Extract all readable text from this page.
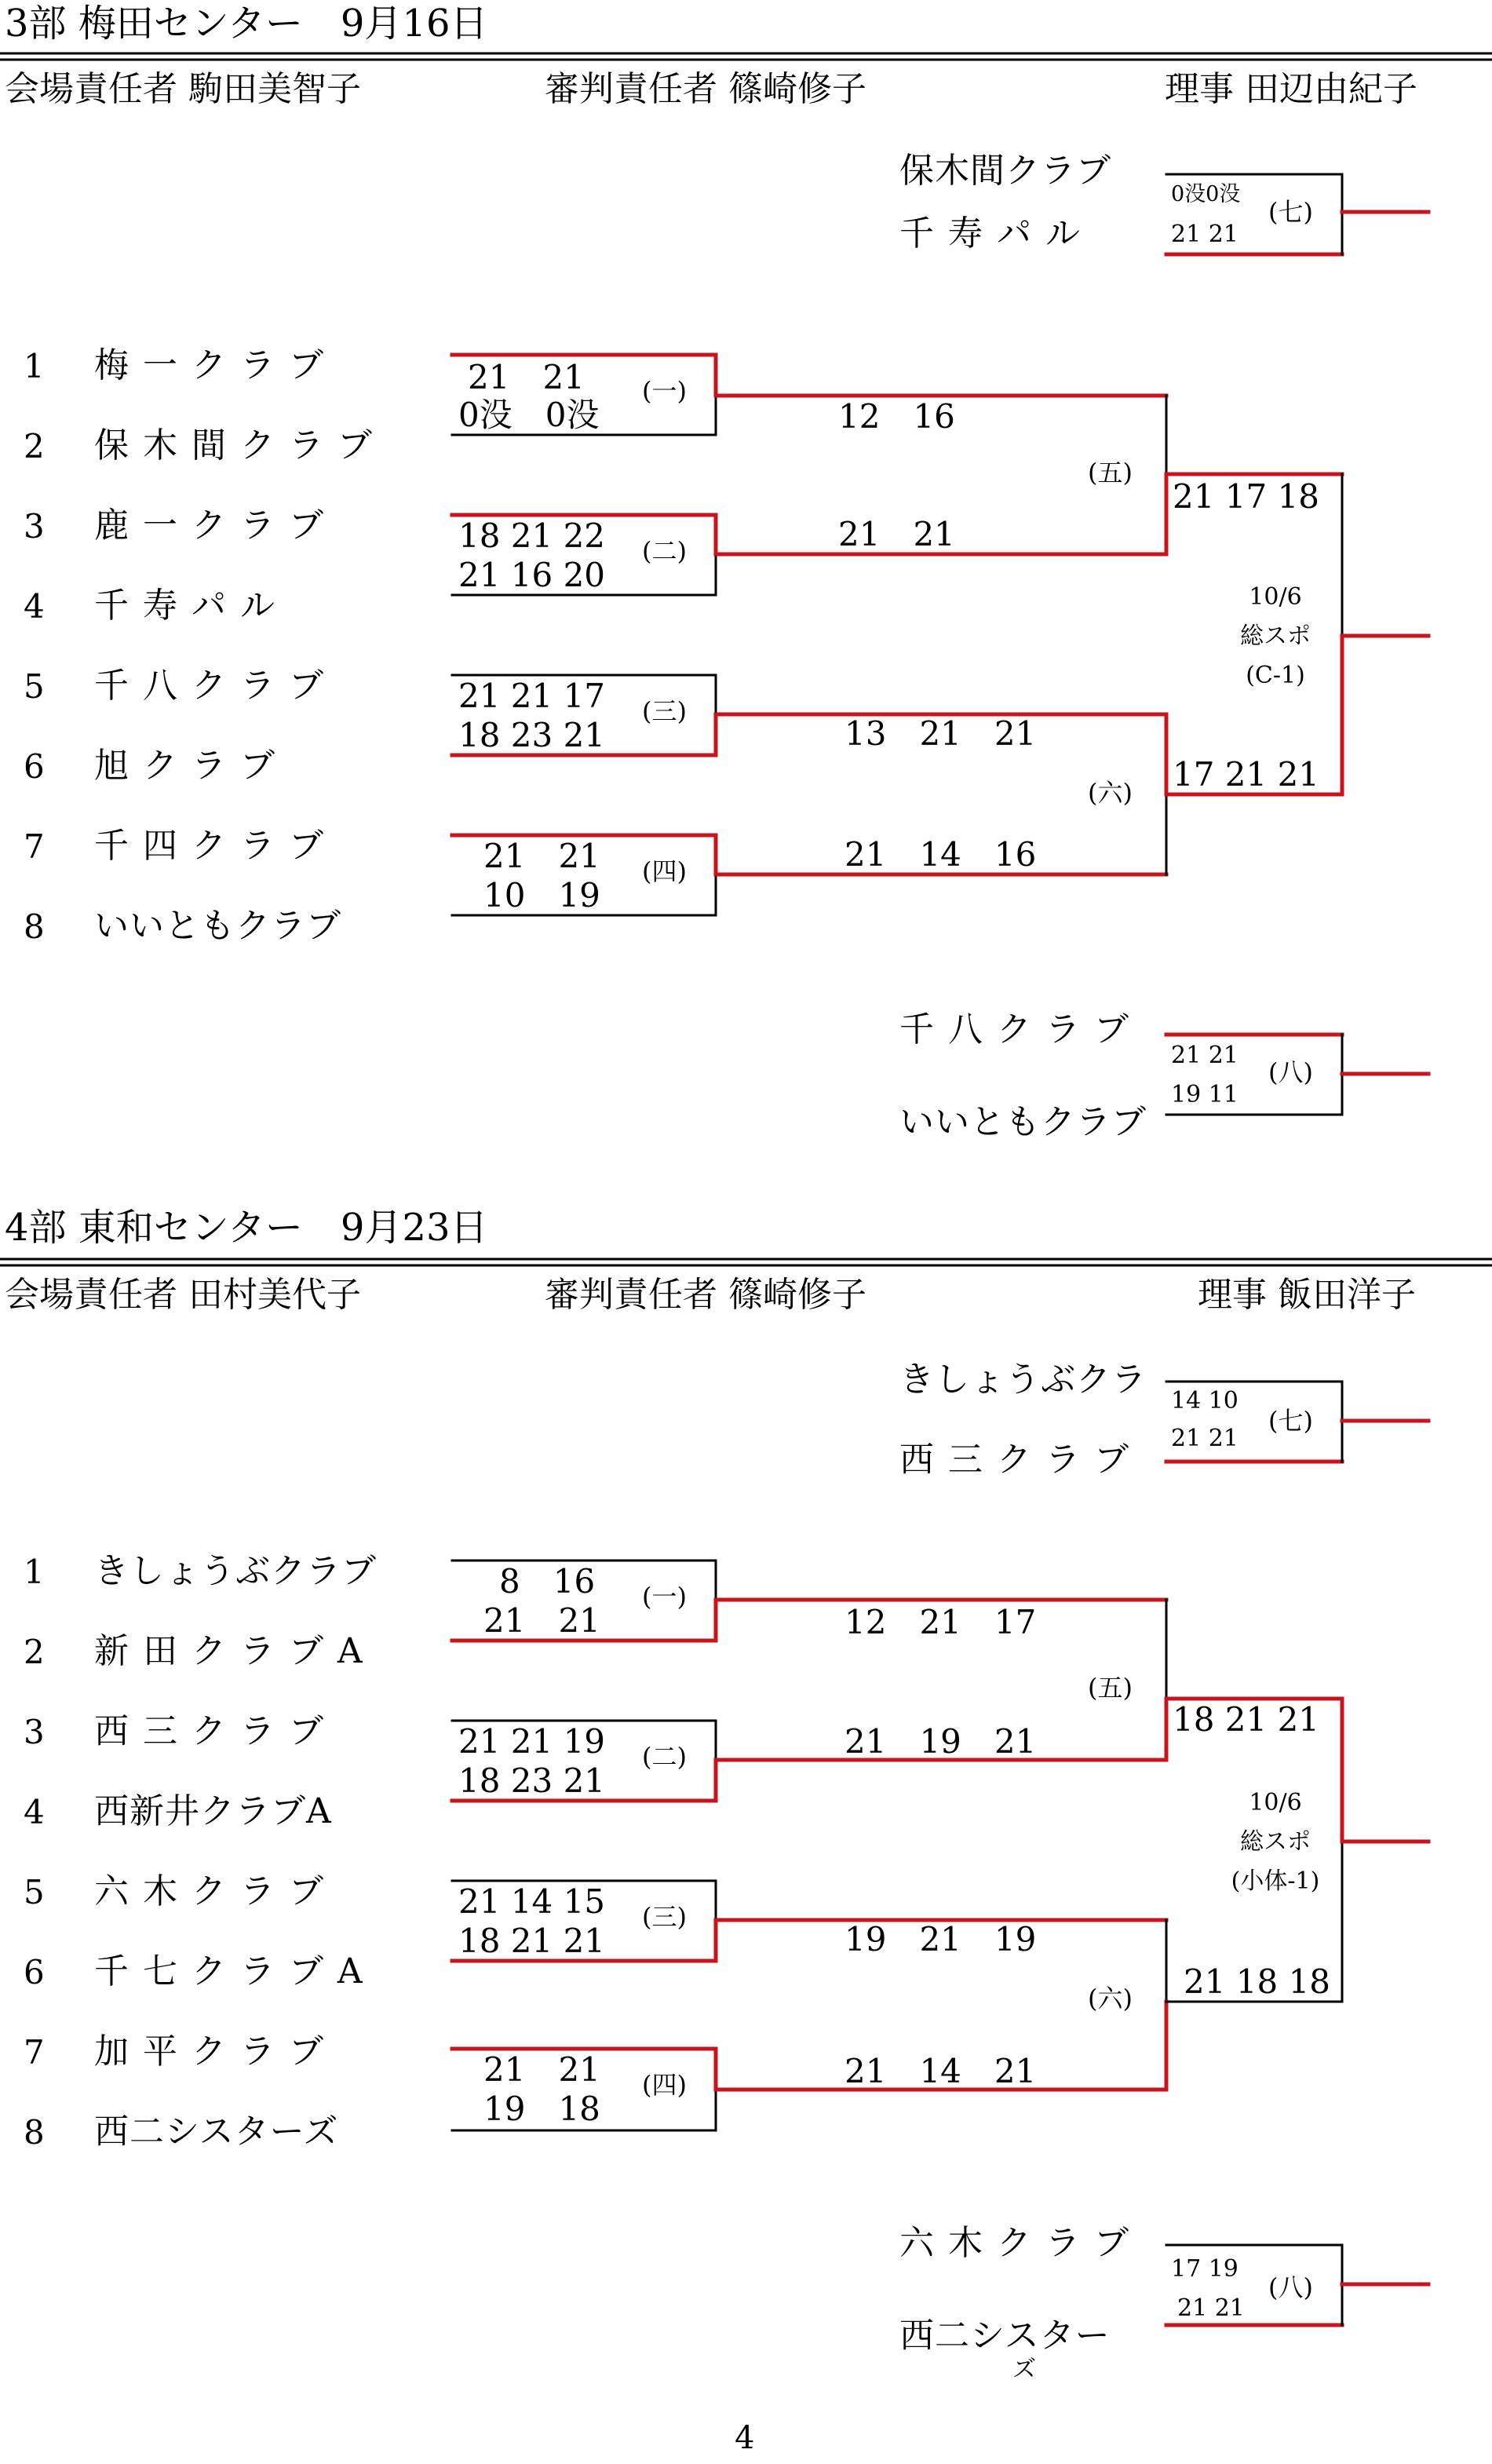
3部 梅田センター　9月16日
会場責任者 駒田美智子	審判責任者 篠崎修子	理事 田辺由紀子
1 梅 一 ク ラ ブ
2 保 木 間 ク ラ ブ
3 鹿 一 ク ラ ブ
4 千 寿 パ ル
5 千 八 ク ラ ブ
6 旭 ク ラ ブ
7 千 四 ク ラ ブ
8 いいともクラブ
21　21
0没　0没
(一)
18 21 22
21 16 20
(二)
21 21 17
18 23 21
(三)
21　21
10　19
(四)
12　16
21　21
13　21　21
21　14　16
(五)
21 17 18
(六) 17 21 21
10/6
総スポ
(C-1)
保木間クラブ
千 寿 パ ル
0没0没
21 21
(七)
千 八 ク ラ ブ
いいともクラブ
21 21
19 11
(八)
4部 東和センター　9月23日
会場責任者 田村美代子	審判責任者 篠崎修子	理事 飯田洋子
1 きしょうぶクラブ
2 新 田 ク ラ ブ A
3 西 三 ク ラ ブ
4 西新井クラブA
5 六 木 ク ラ ブ
6 千 七 ク ラ ブ A
7 加 平 ク ラ ブ
8 西二シスターズ
8　16
21　21
(一)
21 21 19
18 23 21
(二)
21 14 15
18 21 21
(三)
21　21
19　18
(四)
12　21　17
21　19　21
19　21　19
21　14　21
(五)
18 21 21
(六) 21 18 18
10/6
総スポ
(小体-1)
きしょうぶクラ
西 三 ク ラ ブ
14 10
21 21
(七)
六 木 ク ラ ブ
西二シスター
ズ
17 19
21 21
(八)
4
